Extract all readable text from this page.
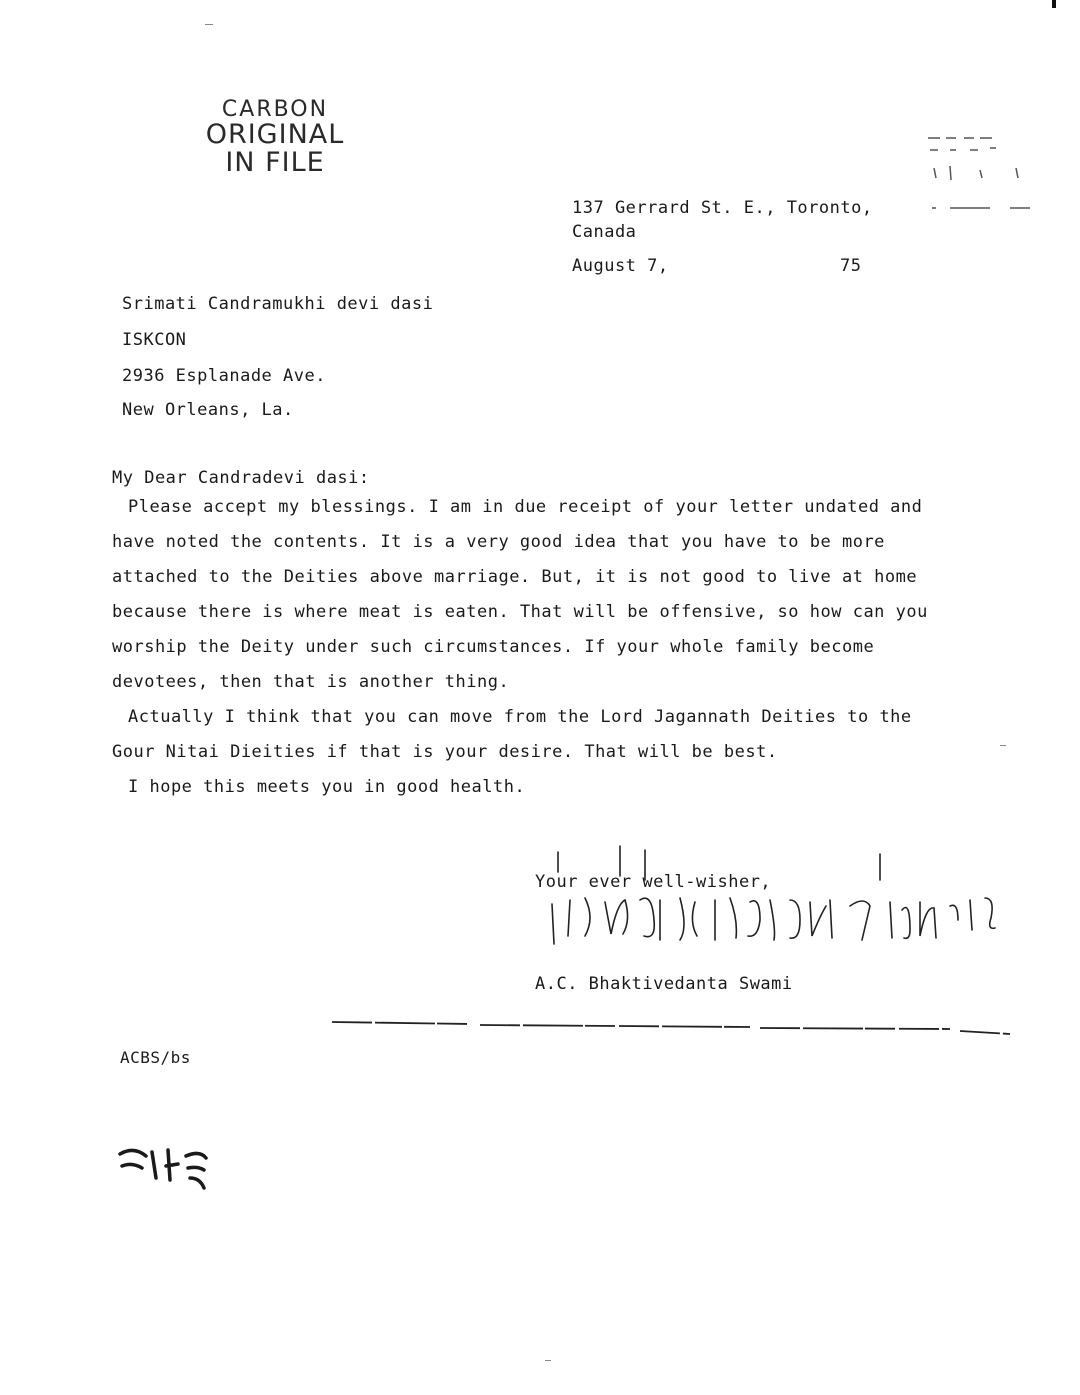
CARBON
ORIGINAL
IN FILE
137 Gerrard St. E., Toronto,
Canada
August 7,	75
Srimati Candramukhi devi dasi
ISKCON
2936 Esplanade Ave.
New Orleans, La.
My Dear Candradevi dasi:

Please accept my blessings. I am in due receipt of your letter undated and have noted the contents. It is a very good idea that you have to be more attached to the Deities above marriage. But, it is not good to live at home because there is where meat is eaten. That will be offensive, so how can you worship the Deity under such circumstances. If your whole family become devotees, then that is another thing.

Actually I think that you can move from the Lord Jagannath Deities to the Gour Nitai Dieities if that is your desire. That will be best.

I hope this meets you in good health.

Your ever well-wisher,
A.C. Bhaktivedanta Swami
ACBS/bs
